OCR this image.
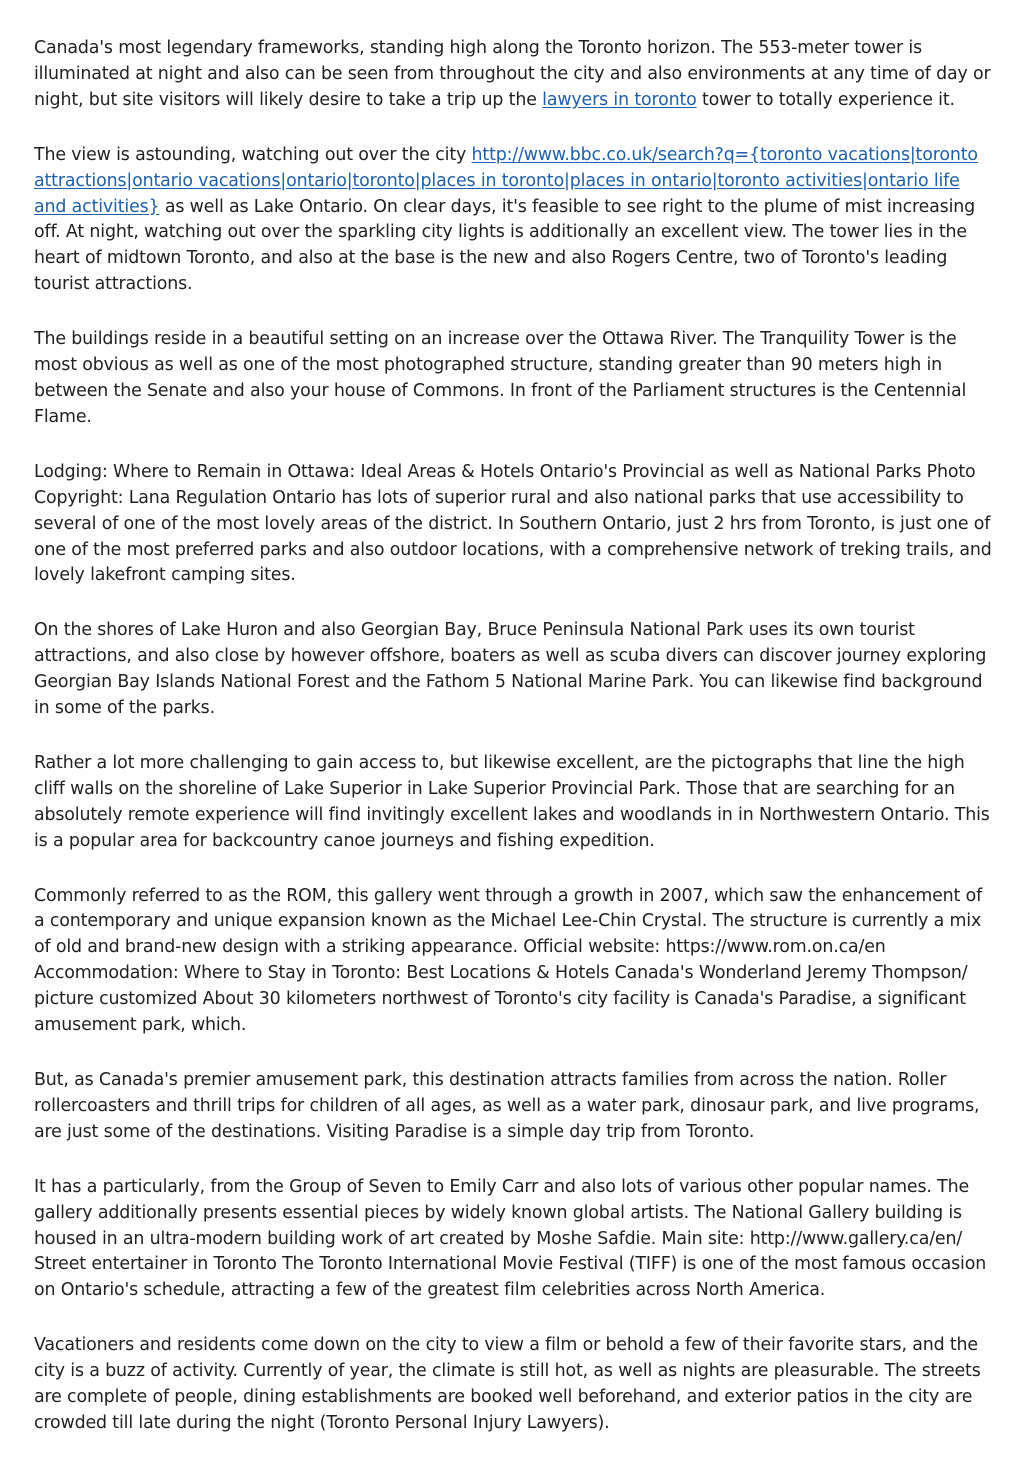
Canada's most legendary frameworks, standing high along the Toronto horizon. The 553-meter tower is illuminated at night and also can be seen from throughout the city and also environments at any time of day or night, but site visitors will likely desire to take a trip up the lawyers in toronto tower to totally experience it.

The view is astounding, watching out over the city http://www.bbc.co.uk/search?q={toronto vacations|toronto attractions|ontario vacations|ontario|toronto|places in toronto|places in ontario|toronto activities|ontario life and activities} as well as Lake Ontario. On clear days, it's feasible to see right to the plume of mist increasing off. At night, watching out over the sparkling city lights is additionally an excellent view. The tower lies in the heart of midtown Toronto, and also at the base is the new and also Rogers Centre, two of Toronto's leading tourist attractions.

The buildings reside in a beautiful setting on an increase over the Ottawa River. The Tranquility Tower is the most obvious as well as one of the most photographed structure, standing greater than 90 meters high in between the Senate and also your house of Commons. In front of the Parliament structures is the Centennial Flame.

Lodging: Where to Remain in Ottawa: Ideal Areas & Hotels Ontario's Provincial as well as National Parks Photo Copyright: Lana Regulation Ontario has lots of superior rural and also national parks that use accessibility to several of one of the most lovely areas of the district. In Southern Ontario, just 2 hrs from Toronto, is just one of one of the most preferred parks and also outdoor locations, with a comprehensive network of treking trails, and lovely lakefront camping sites.

On the shores of Lake Huron and also Georgian Bay, Bruce Peninsula National Park uses its own tourist attractions, and also close by however offshore, boaters as well as scuba divers can discover journey exploring Georgian Bay Islands National Forest and the Fathom 5 National Marine Park. You can likewise find background in some of the parks.

Rather a lot more challenging to gain access to, but likewise excellent, are the pictographs that line the high cliff walls on the shoreline of Lake Superior in Lake Superior Provincial Park. Those that are searching for an absolutely remote experience will find invitingly excellent lakes and woodlands in in Northwestern Ontario. This is a popular area for backcountry canoe journeys and fishing expedition.

Commonly referred to as the ROM, this gallery went through a growth in 2007, which saw the enhancement of a contemporary and unique expansion known as the Michael Lee-Chin Crystal. The structure is currently a mix of old and brand-new design with a striking appearance. Official website: https://www.rom.on.ca/en Accommodation: Where to Stay in Toronto: Best Locations & Hotels Canada's Wonderland Jeremy Thompson/ picture customized About 30 kilometers northwest of Toronto's city facility is Canada's Paradise, a significant amusement park, which.

But, as Canada's premier amusement park, this destination attracts families from across the nation. Roller rollercoasters and thrill trips for children of all ages, as well as a water park, dinosaur park, and live programs, are just some of the destinations. Visiting Paradise is a simple day trip from Toronto.

It has a particularly, from the Group of Seven to Emily Carr and also lots of various other popular names. The gallery additionally presents essential pieces by widely known global artists. The National Gallery building is housed in an ultra-modern building work of art created by Moshe Safdie. Main site: http://www.gallery.ca/en/ Street entertainer in Toronto The Toronto International Movie Festival (TIFF) is one of the most famous occasion on Ontario's schedule, attracting a few of the greatest film celebrities across North America.

Vacationers and residents come down on the city to view a film or behold a few of their favorite stars, and the city is a buzz of activity. Currently of year, the climate is still hot, as well as nights are pleasurable. The streets are complete of people, dining establishments are booked well beforehand, and exterior patios in the city are crowded till late during the night (Toronto Personal Injury Lawyers).
